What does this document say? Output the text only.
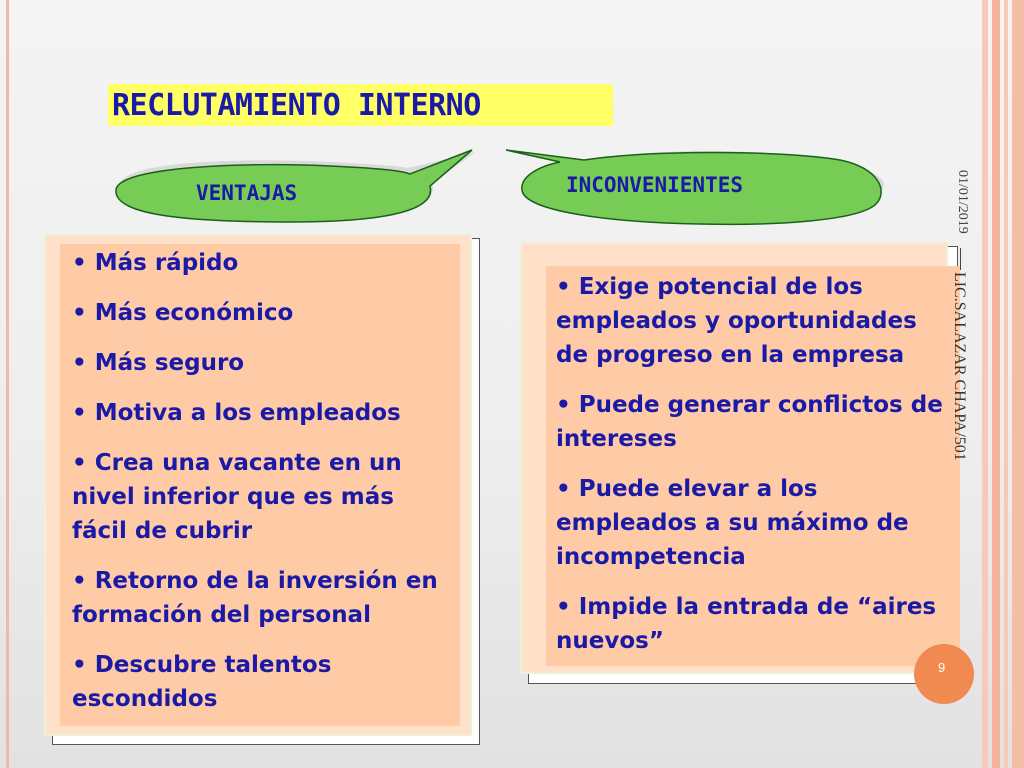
RECLUTAMIENTO INTERNO
VENTAJAS	INCONVENIENTES
• Más rápido
• Más económico
• Más seguro
• Motiva a los empleados
• Crea una vacante en un nivel inferior que es más fácil de cubrir
• Retorno de la inversión en formación del personal
• Descubre talentos escondidos
• Exige potencial de los empleados y oportunidades de progreso en la empresa
• Puede generar conflictos de intereses
• Puede elevar a los empleados a su máximo de incompetencia
• Impide la entrada de “aires nuevos”
01/01/2019
LIC.SALAZAR CHAPA/501
9
